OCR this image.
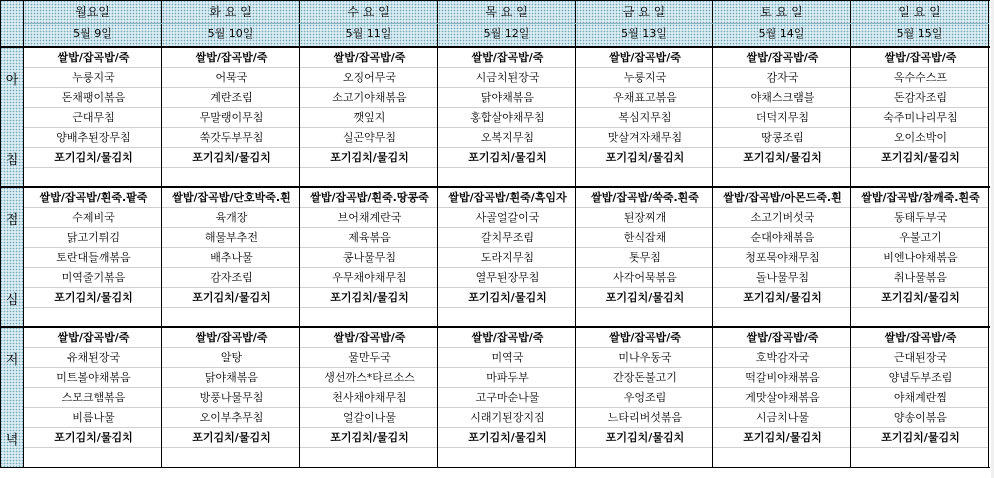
월요일	화 요 일	수 요 일	목 요 일	금 요 일	토 요 일	일 요 일
5월 9일	5월 10일	5월 11일	5월 12일	5월 13일	5월 14일	5월 15일
아
침
쌀밥/잡곡밥/죽	쌀밥/잡곡밥/죽	쌀밥/잡곡밥/죽	쌀밥/잡곡밥/죽	쌀밥/잡곡밥/죽	쌀밥/잡곡밥/죽	쌀밥/잡곡밥/죽
누룽지국	어묵국	오징어무국	시금치된장국	누룽지국	감자국	옥수수스프
돈채팽이볶음	계란조림	소고기야채볶음	닭야채볶음	우채표고볶음	야채스크램블	돈감자조림
근대무침	무말랭이무침	깻잎지	홍합살야채무침	복심지무침	더덕지무침	숙주미나리무침
양배추된장무침	쑥갓두부무침	실곤약무침	오복지무침	맛살겨자채무침	땅콩조림	오이소박이
포기김치/물김치	포기김치/물김치	포기김치/물김치	포기김치/물김치	포기김치/물김치	포기김치/물김치	포기김치/물김치
점
심
쌀밥/잡곡밥/흰죽.팥죽	쌀밥/잡곡밥/단호박죽.흰	쌀밥/잡곡밥/흰죽.땅콩죽	쌀밥/잡곡밥/흰죽/흑임자	쌀밥/잡곡밥/쑥죽.흰죽	쌀밥/잡곡밥/아몬드죽.흰	쌀밥/잡곡밥/참깨죽.흰죽
수제비국	육개장	브어채계란국	사골얼갈이국	된장찌개	소고기버섯국	동태두부국
닭고기튀김	해물부추전	제육볶음	갈치무조림	한식잡채	순대야채볶음	우불고기
토란대들깨볶음	배추나물	콩나물무침	도라지무침	톳무침	청포묵야채무침	비엔나야채볶음
미역줄기볶음	감자조림	우무채야채무침	열무된장무침	사각어묵볶음	돌나물무침	취나물볶음
포기김치/물김치	포기김치/물김치	포기김치/물김치	포기김치/물김치	포기김치/물김치	포기김치/물김치	포기김치/물김치
저
녁
쌀밥/잡곡밥/죽	쌀밥/잡곡밥/죽	쌀밥/잡곡밥/죽	쌀밥/잡곡밥/죽	쌀밥/잡곡밥/죽	쌀밥/잡곡밥/죽	쌀밥/잡곡밥/죽
유채된장국	알탕	물만두국	미역국	미나우동국	호박감자국	근대된장국
미트볼야채볶음	닭야채볶음	생선까스*타르소스	마파두부	간장돈불고기	떡갈비야채볶음	양념두부조림
스모크햄볶음	방풍나물무침	천사채야채무침	고구마순나물	우엉조림	게맛살야채볶음	야채계란찜
비름나물	오이부추무침	얼갈이나물	시래기된장지짐	느타리버섯볶음	시금치나물	양송이볶음
포기김치/물김치	포기김치/물김치	포기김치/물김치	포기김치/물김치	포기김치/물김치	포기김치/물김치	포기김치/물김치
